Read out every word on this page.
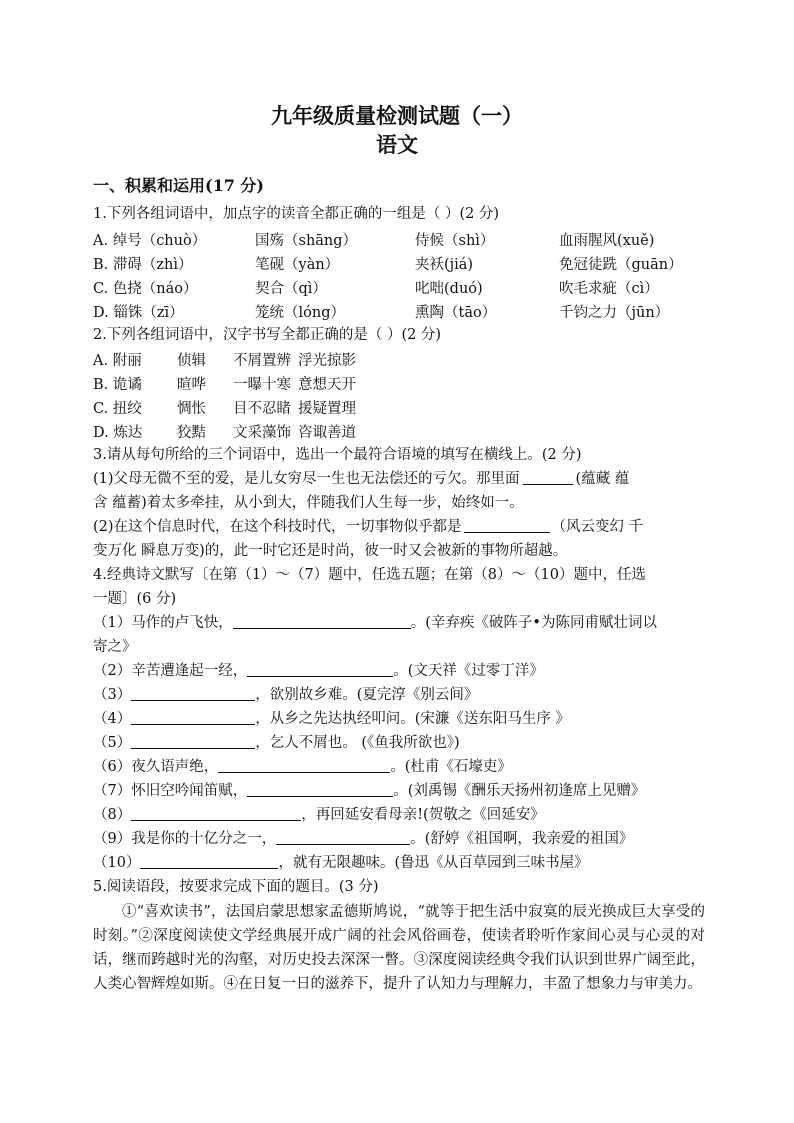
九年级质量检测试题（一）
语文
一、积累和运用(17 分)
1.下列各组词语中，加点字的读音全都正确的一组是（ ）(2 分)
A. 绰号（chuò）	国殇（shāng）	侍候（shì）	血雨腥风(xuě)
B. 滞碍（zhì）	笔砚（yàn）	夹袄(jiá)	免冠徒跣（guān）
C. 色挠（náo）	契合（qì）	叱咄(duó)	吹毛求疵（cì）
D. 锱铢（zī）	笼统（lóng）	熏陶（tāo）	千钧之力（jūn）
2.下列各组词语中，汉字书写全都正确的是（ ）(2 分)
A. 附丽 侦辑 不屑置辨 浮光掠影
B. 诡谲 暄哗 一曝十寒 意想天开
C. 扭绞 惆怅 目不忍睹 援疑置理
D. 炼达 狡黠 文采藻饰 咨诹善道
3.请从每句所给的三个词语中，选出一个最符合语境的填写在横线上。(2 分)
(1)父母无微不至的爱，是儿女穷尽一生也无法偿还的亏欠。那里面	(蕴藏 蕴
含 蕴蓄)着太多牵挂，从小到大，伴随我们人生每一步，始终如一。
(2)在这个信息时代，在这个科技时代，一切事物似乎都是	（风云变幻 千
变万化 瞬息万变)的，此一时它还是时尚，彼一时又会被新的事物所超越。
4.经典诗文默写〔在第（1）～（7）题中，任选五题；在第（8）～（10）题中，任选
一题〕(6 分)
（1）马作的卢飞快，	。(辛弃疾《破阵子•为陈同甫赋壮词以
寄之》
（2）辛苦遭逢起一经，	。(文天祥《过零丁洋》
（3）	，欲别故乡难。(夏完淳《别云间》
（4）	，从乡之先达执经叩问。(宋濂《送东阳马生序 》
（5）	，乞人不屑也。 (《鱼我所欲也》)
（6）夜久语声绝，	。(杜甫《石壕吏》
（7）怀旧空吟闻笛赋，	。(刘禹锡《酬乐天扬州初逢席上见赠》
（8）	，再回延安看母亲!(贺敬之《回延安》
（9）我是你的十亿分之一，	。(舒婷《祖国啊，我亲爱的祖国》
（10）	，就有无限趣味。(鲁迅《从百草园到三味书屋》
5.阅读语段，按要求完成下面的题目。(3 分)
①“喜欢读书”，法国启蒙思想家孟德斯鸠说，“就等于把生活中寂寞的辰光换成巨大享受的时刻。”②深度阅读使文学经典展开成广阔的社会风俗画卷，使读者聆听作家间心灵与心灵的对话，继而跨越时光的沟壑，对历史投去深深一瞥。③深度阅读经典令我们认识到世界广阔至此，人类心智辉煌如斯。④在日复一日的滋养下，提升了认知力与理解力，丰盈了想象力与审美力。
